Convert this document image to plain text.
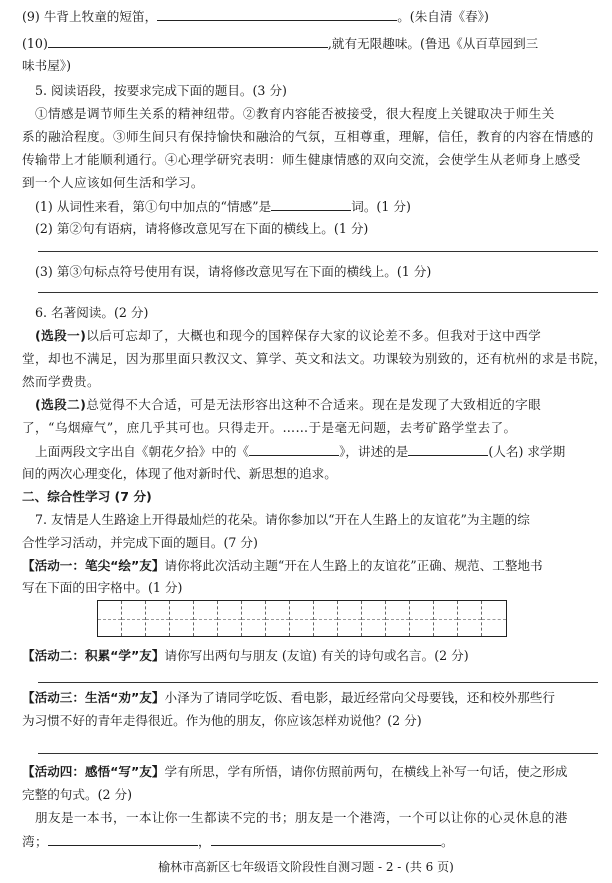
(9) 牛背上牧童的短笛，	。(朱自清《春》)
(10)	,就有无限趣味。(鲁迅《从百草园到三
味书屋》)
5. 阅读语段，按要求完成下面的题目。(3 分)
①情感是调节师生关系的精神纽带。②教育内容能否被接受，很大程度上关键取决于师生关
系的融洽程度。③师生间只有保持愉快和融洽的气氛，互相尊重，理解，信任，教育的内容在情感的
传输带上才能顺利通行。④心理学研究表明：师生健康情感的双向交流，会使学生从老师身上感受
到一个人应该如何生活和学习。
(1) 从词性来看，第①句中加点的“情感”是	词。(1 分)
(2) 第②句有语病，请将修改意见写在下面的横线上。(1 分)
(3) 第③句标点符号使用有误，请将修改意见写在下面的横线上。(1 分)
6. 名著阅读。(2 分)
(选段一)以后可忘却了，大概也和现今的国粹保存大家的议论差不多。但我对于这中西学
堂，却也不满足，因为那里面只教汉文、算学、英文和法文。功课较为别致的，还有杭州的求是书院，
然而学费贵。
(选段二)总觉得不大合适，可是无法形容出这种不合适来。现在是发现了大致相近的字眼
了，“乌烟瘴气”，庶几乎其可也。只得走开。……于是毫无问题，去考矿路学堂去了。
上面两段文字出自《朝花夕拾》中的《	》，讲述的是	(人名) 求学期
间的两次心理变化，体现了他对新时代、新思想的追求。
二、综合性学习 (7 分)
7. 友情是人生路途上开得最灿烂的花朵。请你参加以“开在人生路上的友谊花”为主题的综
合性学习活动，并完成下面的题目。(7 分)
【活动一：笔尖“绘”友】请你将此次活动主题“开在人生路上的友谊花”正确、规范、工整地书
写在下面的田字格中。(1 分)
【活动二：积累“学”友】请你写出两句与朋友 (友谊) 有关的诗句或名言。(2 分)
【活动三：生活“劝”友】小泽为了请同学吃饭、看电影，最近经常向父母要钱，还和校外那些行
为习惯不好的青年走得很近。作为他的朋友，你应该怎样劝说他？(2 分)
【活动四：感悟“写”友】学有所思，学有所悟，请你仿照前两句，在横线上补写一句话，使之形成
完整的句式。(2 分)
朋友是一本书，一本让你一生都读不完的书；朋友是一个港湾，一个可以让你的心灵休息的港
湾；	，	。
榆林市高新区七年级语文阶段性自测习题 - 2 - (共 6 页)
